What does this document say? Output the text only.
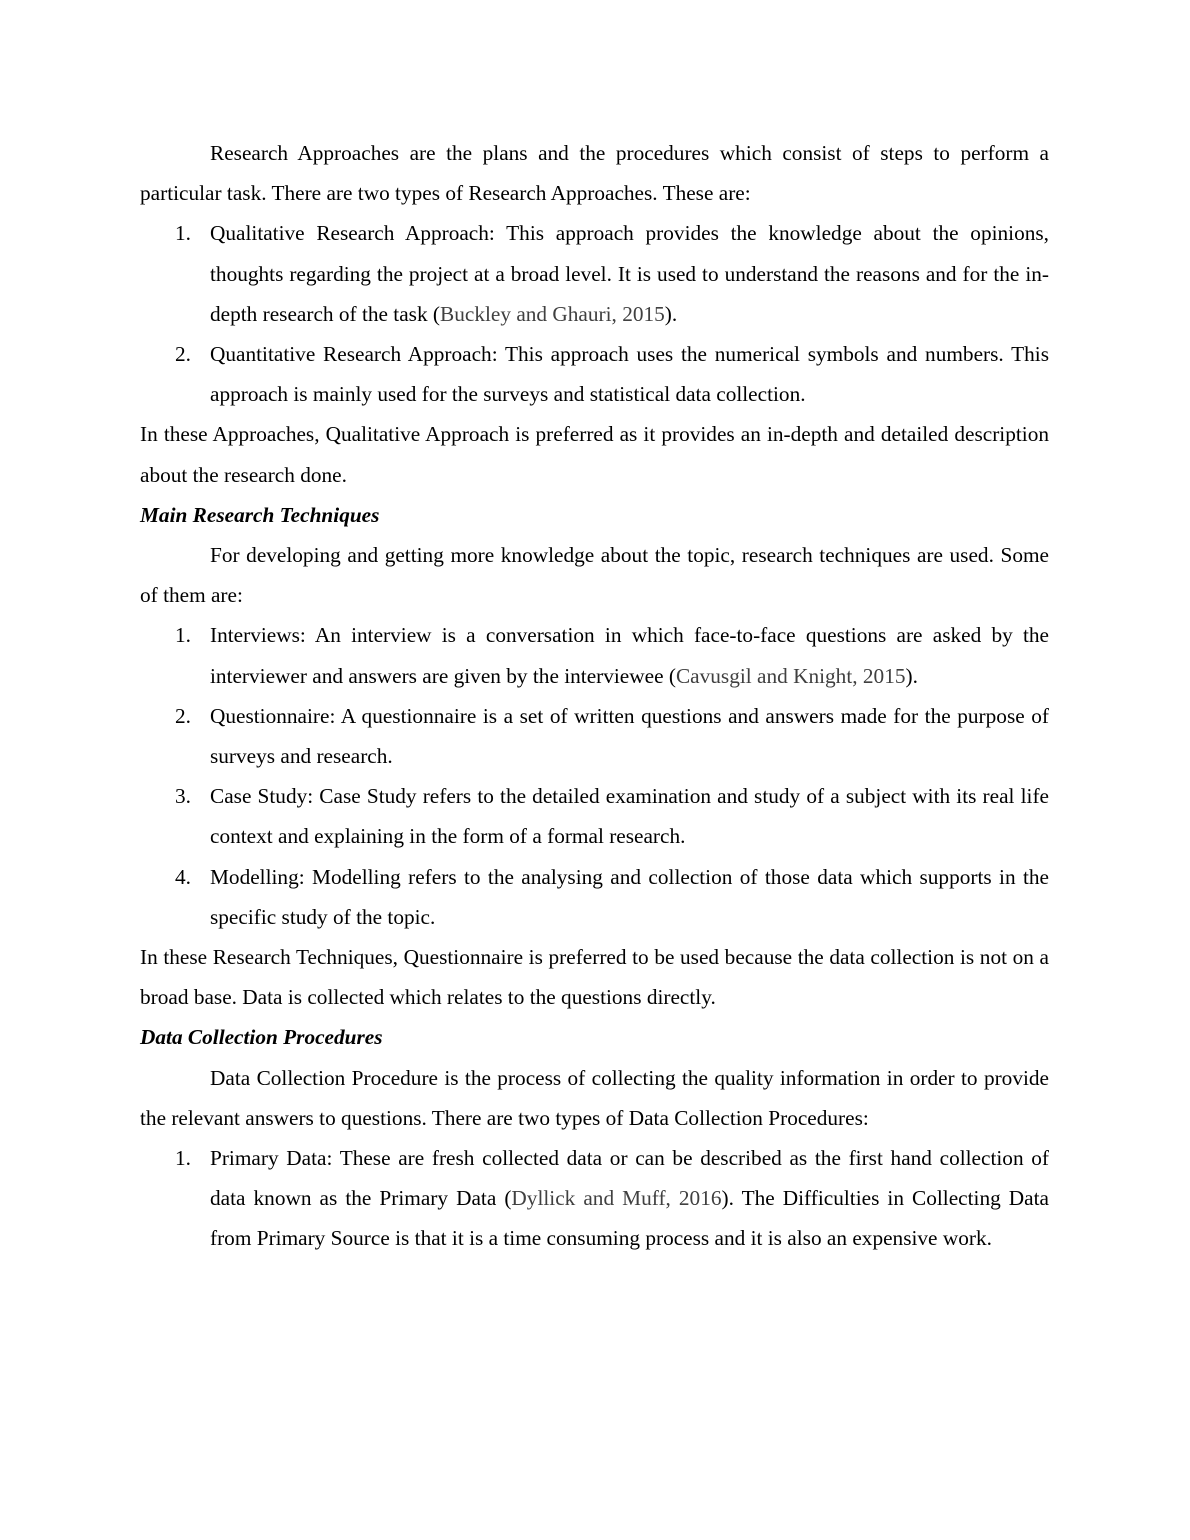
Research Approaches are the plans and the procedures which consist of steps to perform a particular task. There are two types of Research Approaches. These are:

1. Qualitative Research Approach: This approach provides the knowledge about the opinions, thoughts regarding the project at a broad level. It is used to understand the reasons and for the in-depth research of the task (Buckley and Ghauri, 2015).
2. Quantitative Research Approach: This approach uses the numerical symbols and numbers. This approach is mainly used for the surveys and statistical data collection.

In these Approaches, Qualitative Approach is preferred as it provides an in-depth and detailed description about the research done.

Main Research Techniques

For developing and getting more knowledge about the topic, research techniques are used. Some of them are:

1. Interviews: An interview is a conversation in which face-to-face questions are asked by the interviewer and answers are given by the interviewee (Cavusgil and Knight, 2015).
2. Questionnaire: A questionnaire is a set of written questions and answers made for the purpose of surveys and research.
3. Case Study: Case Study refers to the detailed examination and study of a subject with its real life context and explaining in the form of a formal research.
4. Modelling: Modelling refers to the analysing and collection of those data which supports in the specific study of the topic.

In these Research Techniques, Questionnaire is preferred to be used because the data collection is not on a broad base. Data is collected which relates to the questions directly.

Data Collection Procedures

Data Collection Procedure is the process of collecting the quality information in order to provide the relevant answers to questions. There are two types of Data Collection Procedures:

1. Primary Data: These are fresh collected data or can be described as the first hand collection of data known as the Primary Data (Dyllick and Muff, 2016). The Difficulties in Collecting Data from Primary Source is that it is a time consuming process and it is also an expensive work.
